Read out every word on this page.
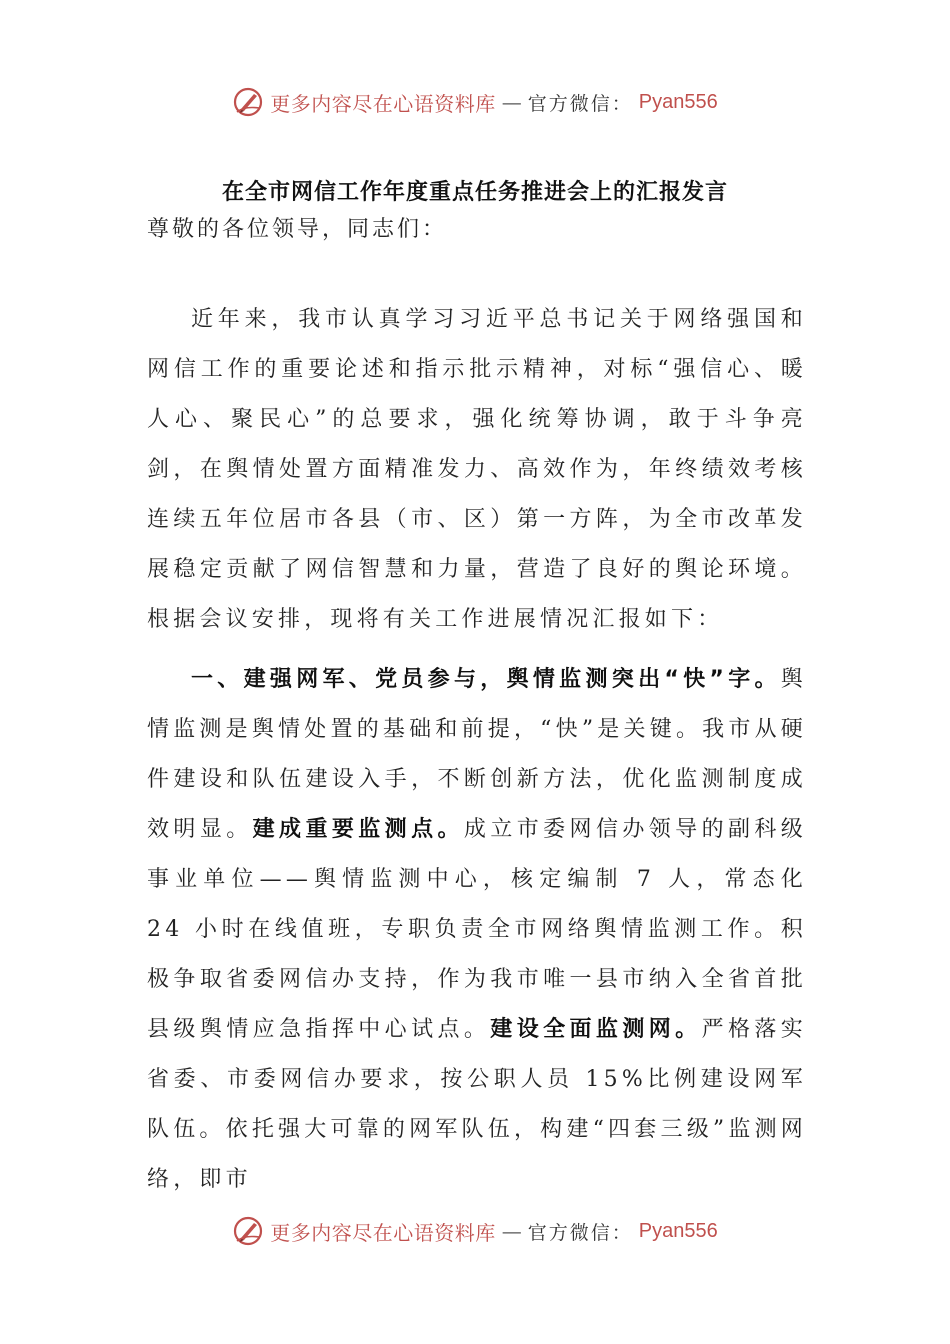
更多内容尽在心语资料库 — 官方微信： Pyan556
在全市网信工作年度重点任务推进会上的汇报发言
尊敬的各位领导，同志们：
近年来，我市认真学习习近平总书记关于网络强国和网信工作的重要论述和指示批示精神，对标“强信心、暖人心、聚民心”的总要求，强化统筹协调，敢于斗争亮剑，在舆情处置方面精准发力、高效作为，年终绩效考核连续五年位居市各县（市、区）第一方阵，为全市改革发展稳定贡献了网信智慧和力量，营造了良好的舆论环境。根据会议安排，现将有关工作进展情况汇报如下：
一、建强网军、党员参与，舆情监测突出“快”字。舆情监测是舆情处置的基础和前提，“快”是关键。我市从硬件建设和队伍建设入手，不断创新方法，优化监测制度成效明显。建成重要监测点。成立市委网信办领导的副科级事业单位——舆情监测中心，核定编制 7 人，常态化 24 小时在线值班，专职负责全市网络舆情监测工作。积极争取省委网信办支持，作为我市唯一县市纳入全省首批县级舆情应急指挥中心试点。建设全面监测网。严格落实省委、市委网信办要求，按公职人员 15%比例建设网军队伍。依托强大可靠的网军队伍，构建“四套三级”监测网络，即市
更多内容尽在心语资料库 — 官方微信： Pyan556
